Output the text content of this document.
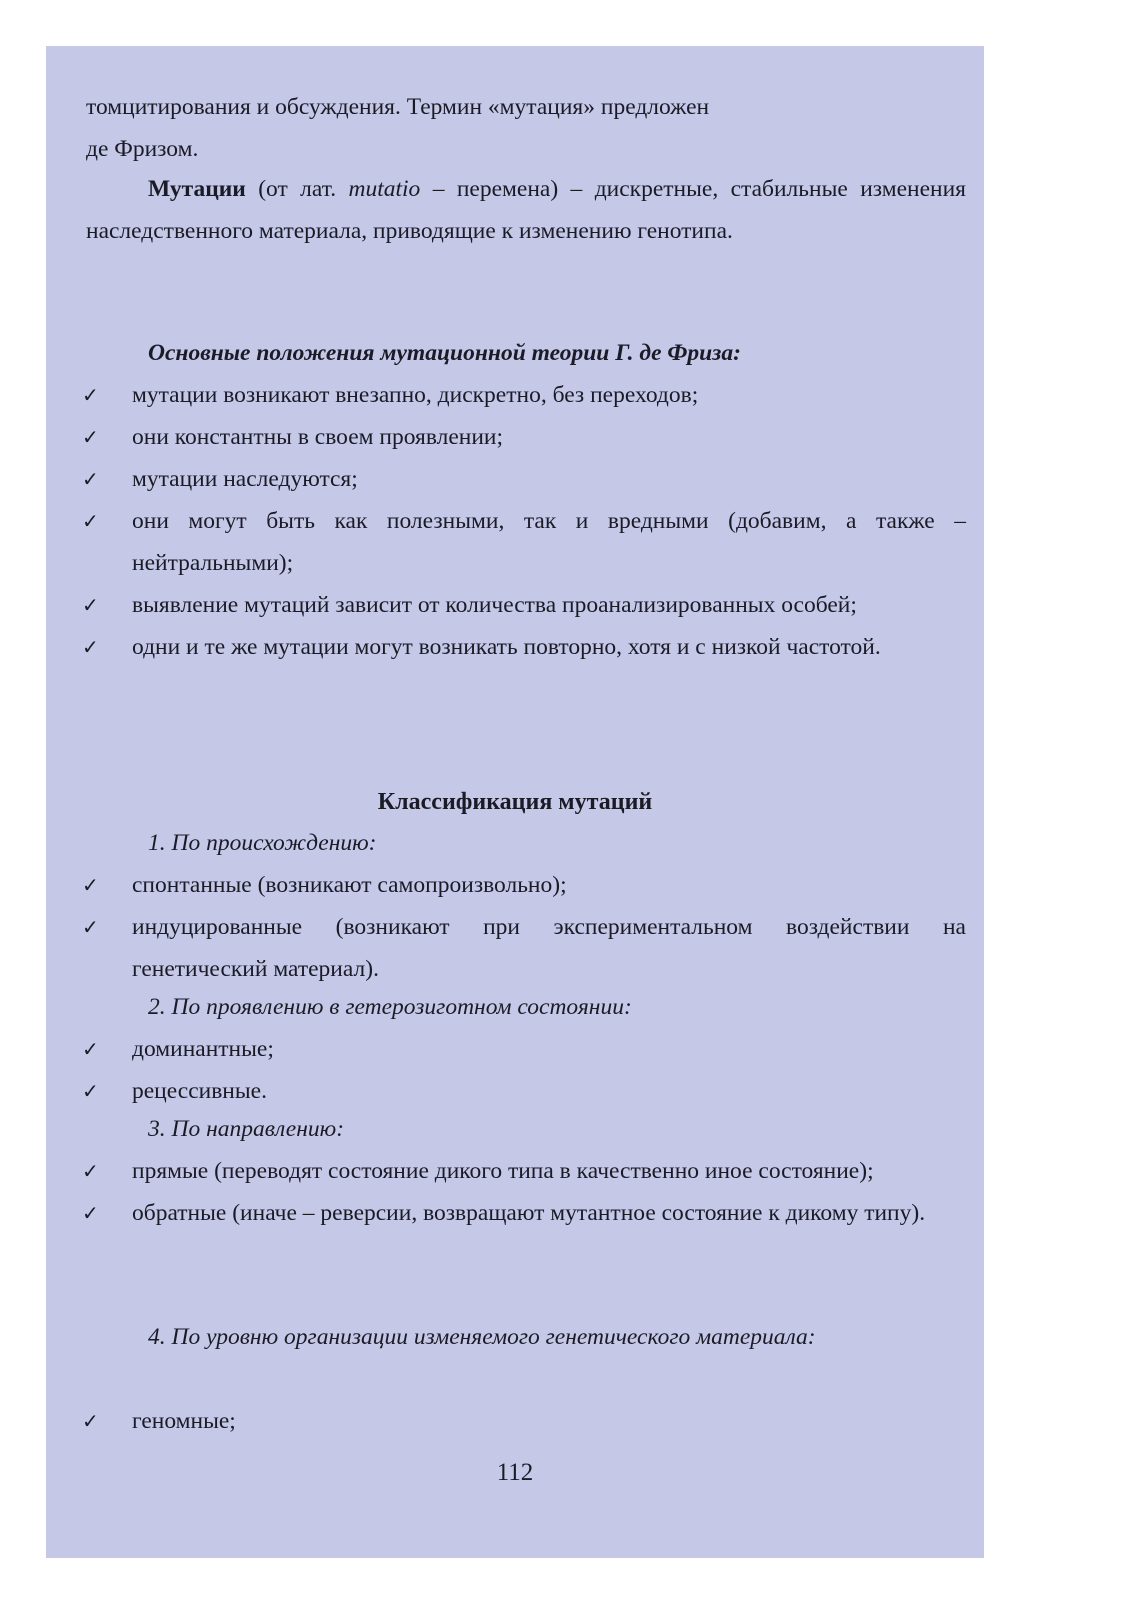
томцитирования и обсуждения. Термин «мутация» предложен
де Фризом.

Мутации (от лат. mutatio – перемена) – дискретные, стабильные изменения наследственного материала, приводящие к изменению генотипа.

Основные положения мутационной теории Г. де Фриза:
✓	мутации возникают внезапно, дискретно, без переходов;
✓	они константны в своем проявлении;
✓	мутации наследуются;
✓	они могут быть как полезными, так и вредными (добавим, а также – нейтральными);
✓	выявление мутаций зависит от количества проанализированных особей;
✓	одни и те же мутации могут возникать повторно, хотя и с низкой частотой.
Классификация мутаций

1. По происхождению:

✓	спонтанные (возникают самопроизвольно);
✓	индуцированные (возникают при экспериментальном воздействии на генетический материал).

2. По проявлению в гетерозиготном состоянии:

✓	доминантные;
✓	рецессивные.

3. По направлению:

✓	прямые (переводят состояние дикого типа в качественно иное состояние);
✓	обратные (иначе – реверсии, возвращают мутантное состояние к дикому типу).

4. По уровню организации изменяемого генетического материала:

✓	геномные;
112
